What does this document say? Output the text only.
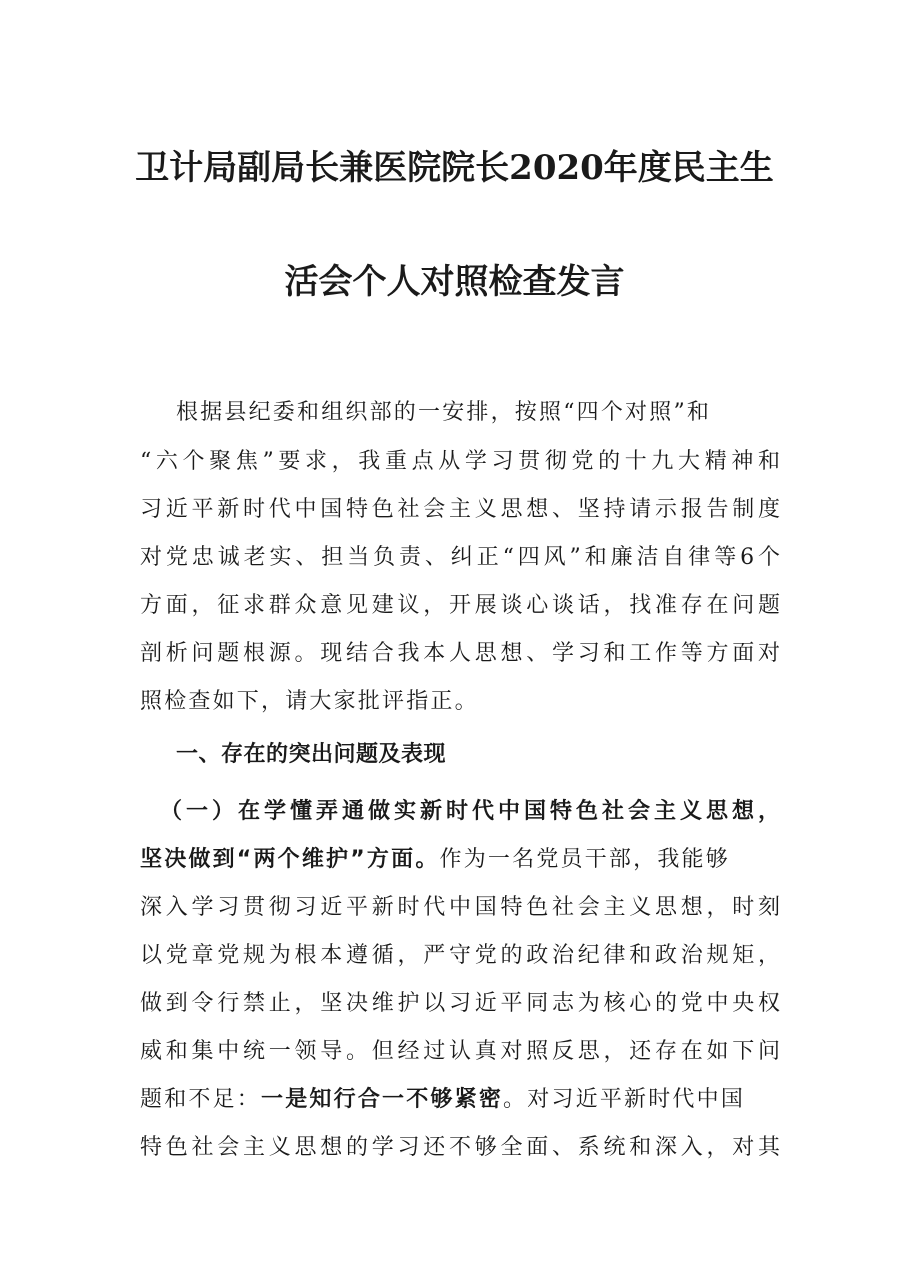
卫计局副局长兼医院院长2020年度民主生
活会个人对照检查发言

根据县纪委和组织部的一安排，按照“四个对照”和

“六个聚焦”要求，我重点从学习贯彻党的十九大精神和

习近平新时代中国特色社会主义思想、坚持请示报告制度

对党忠诚老实、担当负责、纠正“四风”和廉洁自律等6个

方面，征求群众意见建议，开展谈心谈话，找准存在问题

剖析问题根源。现结合我本人思想、学习和工作等方面对

照检查如下，请大家批评指正。

一、存在的突出问题及表现

（一）在学懂弄通做实新时代中国特色社会主义思想，

坚决做到“两个维护”方面。作为一名党员干部，我能够

深入学习贯彻习近平新时代中国特色社会主义思想，时刻

以党章党规为根本遵循，严守党的政治纪律和政治规矩，

做到令行禁止，坚决维护以习近平同志为核心的党中央权

威和集中统一领导。但经过认真对照反思，还存在如下问

题和不足：一是知行合一不够紧密。对习近平新时代中国

特色社会主义思想的学习还不够全面、系统和深入，对其
